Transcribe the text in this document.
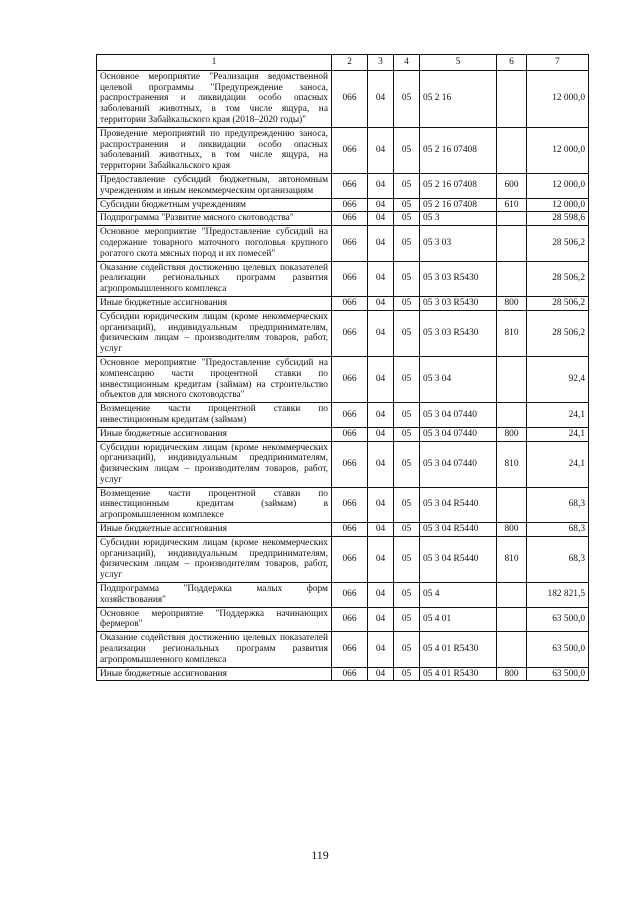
1	2	3	4	5	6	7
Основное мероприятие "Реализация ведомственной целевой программы "Предупреждение заноса, распространения и ликвидации особо опасных заболеваний животных, в том числе ящура, на территории Забайкальского края (2018–2020 годы)"	066	04	05	05 2 16		12 000,0
Проведение мероприятий по предупреждению заноса, распространения и ликвидации особо опасных заболеваний животных, в том числе ящура, на территории Забайкальского края	066	04	05	05 2 16 07408		12 000,0
Предоставление субсидий бюджетным, автономным учреждениям и иным некоммерческим организациям	066	04	05	05 2 16 07408	600	12 000,0
Субсидии бюджетным учреждениям	066	04	05	05 2 16 07408	610	12 000,0
Подпрограмма "Развитие мясного скотоводства"	066	04	05	05 3		28 598,6
Основное мероприятие "Предоставление субсидий на содержание товарного маточного поголовья крупного рогатого скота мясных пород и их помесей"	066	04	05	05 3 03		28 506,2
Оказание содействия достижению целевых показателей реализации региональных программ развития агропромышленного комплекса	066	04	05	05 3 03 R5430		28 506,2
Иные бюджетные ассигнования	066	04	05	05 3 03 R5430	800	28 506,2
Субсидии юридическим лицам (кроме некоммерческих организаций), индивидуальным предпринимателям, физическим лицам – производителям товаров, работ, услуг	066	04	05	05 3 03 R5430	810	28 506,2
Основное мероприятие "Предоставление субсидий на компенсацию части процентной ставки по инвестиционным кредитам (займам) на строительство объектов для мясного скотоводства"	066	04	05	05 3 04		92,4
Возмещение части процентной ставки по инвестиционным кредитам (займам)	066	04	05	05 3 04 07440		24,1
Иные бюджетные ассигнования	066	04	05	05 3 04 07440	800	24,1
Субсидии юридическим лицам (кроме некоммерческих организаций), индивидуальным предпринимателям, физическим лицам – производителям товаров, работ, услуг	066	04	05	05 3 04 07440	810	24,1
Возмещение части процентной ставки по инвестиционным кредитам (займам) в агропромышленном комплексе	066	04	05	05 3 04 R5440		68,3
Иные бюджетные ассигнования	066	04	05	05 3 04 R5440	800	68,3
Субсидии юридическим лицам (кроме некоммерческих организаций), индивидуальным предпринимателям, физическим лицам – производителям товаров, работ, услуг	066	04	05	05 3 04 R5440	810	68,3
Подпрограмма "Поддержка малых форм хозяйствования"	066	04	05	05 4		182 821,5
Основное мероприятие "Поддержка начинающих фермеров"	066	04	05	05 4 01		63 500,0
Оказание содействия достижению целевых показателей реализации региональных программ развития агропромышленного комплекса	066	04	05	05 4 01 R5430		63 500,0
Иные бюджетные ассигнования	066	04	05	05 4 01 R5430	800	63 500,0
119
